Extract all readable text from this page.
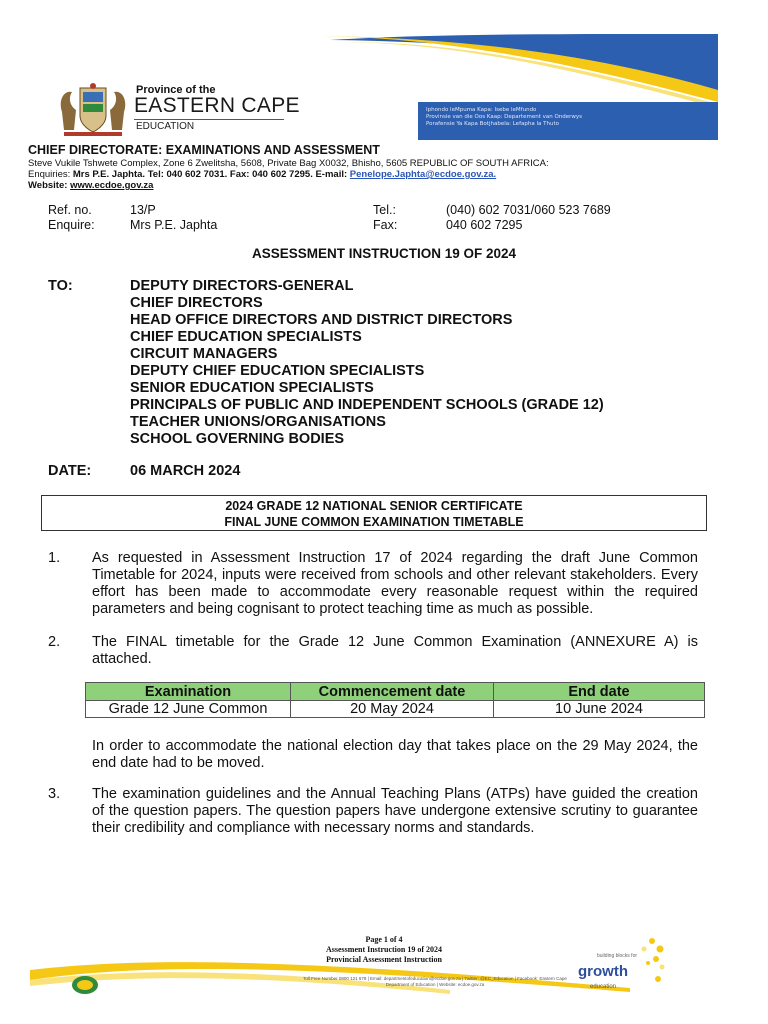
Iphondo leMpuma Kapa: Isebe leMfundo
Provinsie van die Oos Kaap: Departement van Onderwys
Porafensie Ya Kapa Botjhabela: Lefapha la Thuto
Province of the
EASTERN CAPE
EDUCATION
CHIEF DIRECTORATE: EXAMINATIONS AND ASSESSMENT
Steve Vukile Tshwete Complex, Zone 6 Zwelitsha, 5608, Private Bag X0032, Bhisho, 5605 REPUBLIC OF SOUTH AFRICA:
Enquiries: Mrs P.E. Japhta. Tel: 040 602 7031. Fax: 040 602 7295. E-mail: Penelope.Japhta@ecdoe.gov.za.
Website: www.ecdoe.gov.za
Ref. no.	13/P	Tel.:	(040) 602 7031/060 523 7689
Enquire:	Mrs P.E. Japhta	Fax:	040 602 7295
ASSESSMENT INSTRUCTION 19 OF 2024
TO:	DEPUTY DIRECTORS-GENERAL
CHIEF DIRECTORS
HEAD OFFICE DIRECTORS AND DISTRICT DIRECTORS
CHIEF EDUCATION SPECIALISTS
CIRCUIT MANAGERS
DEPUTY CHIEF EDUCATION SPECIALISTS
SENIOR EDUCATION SPECIALISTS
PRINCIPALS OF PUBLIC AND INDEPENDENT SCHOOLS (GRADE 12)
TEACHER UNIONS/ORGANISATIONS
SCHOOL GOVERNING BODIES
DATE:	06 MARCH 2024
2024 GRADE 12 NATIONAL SENIOR CERTIFICATE
FINAL JUNE COMMON EXAMINATION TIMETABLE
1. As requested in Assessment Instruction 17 of 2024 regarding the draft June Common Timetable for 2024, inputs were received from schools and other relevant stakeholders. Every effort has been made to accommodate every reasonable request within the required parameters and being cognisant to protect teaching time as much as possible.
2. The FINAL timetable for the Grade 12 June Common Examination (ANNEXURE A) is attached.
Examination	Commencement date	End date
Grade 12 June Common	20 May 2024	10 June 2024
In order to accommodate the national election day that takes place on the 29 May 2024, the end date had to be moved.
3. The examination guidelines and the Annual Teaching Plans (ATPs) have guided the creation of the question papers. The question papers have undergone extensive scrutiny to guarantee their credibility and compliance with necessary norms and standards.
Page 1 of 4
Assessment Instruction 19 of 2024
Provincial Assessment Instruction
Toll Free Number 0800 121 678 | Email: departmentofeducation@ecdoe.gov.za | Twitter: @EC_Education | Facebook: Eastern Cape Department of Education | Website: ecdoe.gov.za
building blocks for
growth
education
